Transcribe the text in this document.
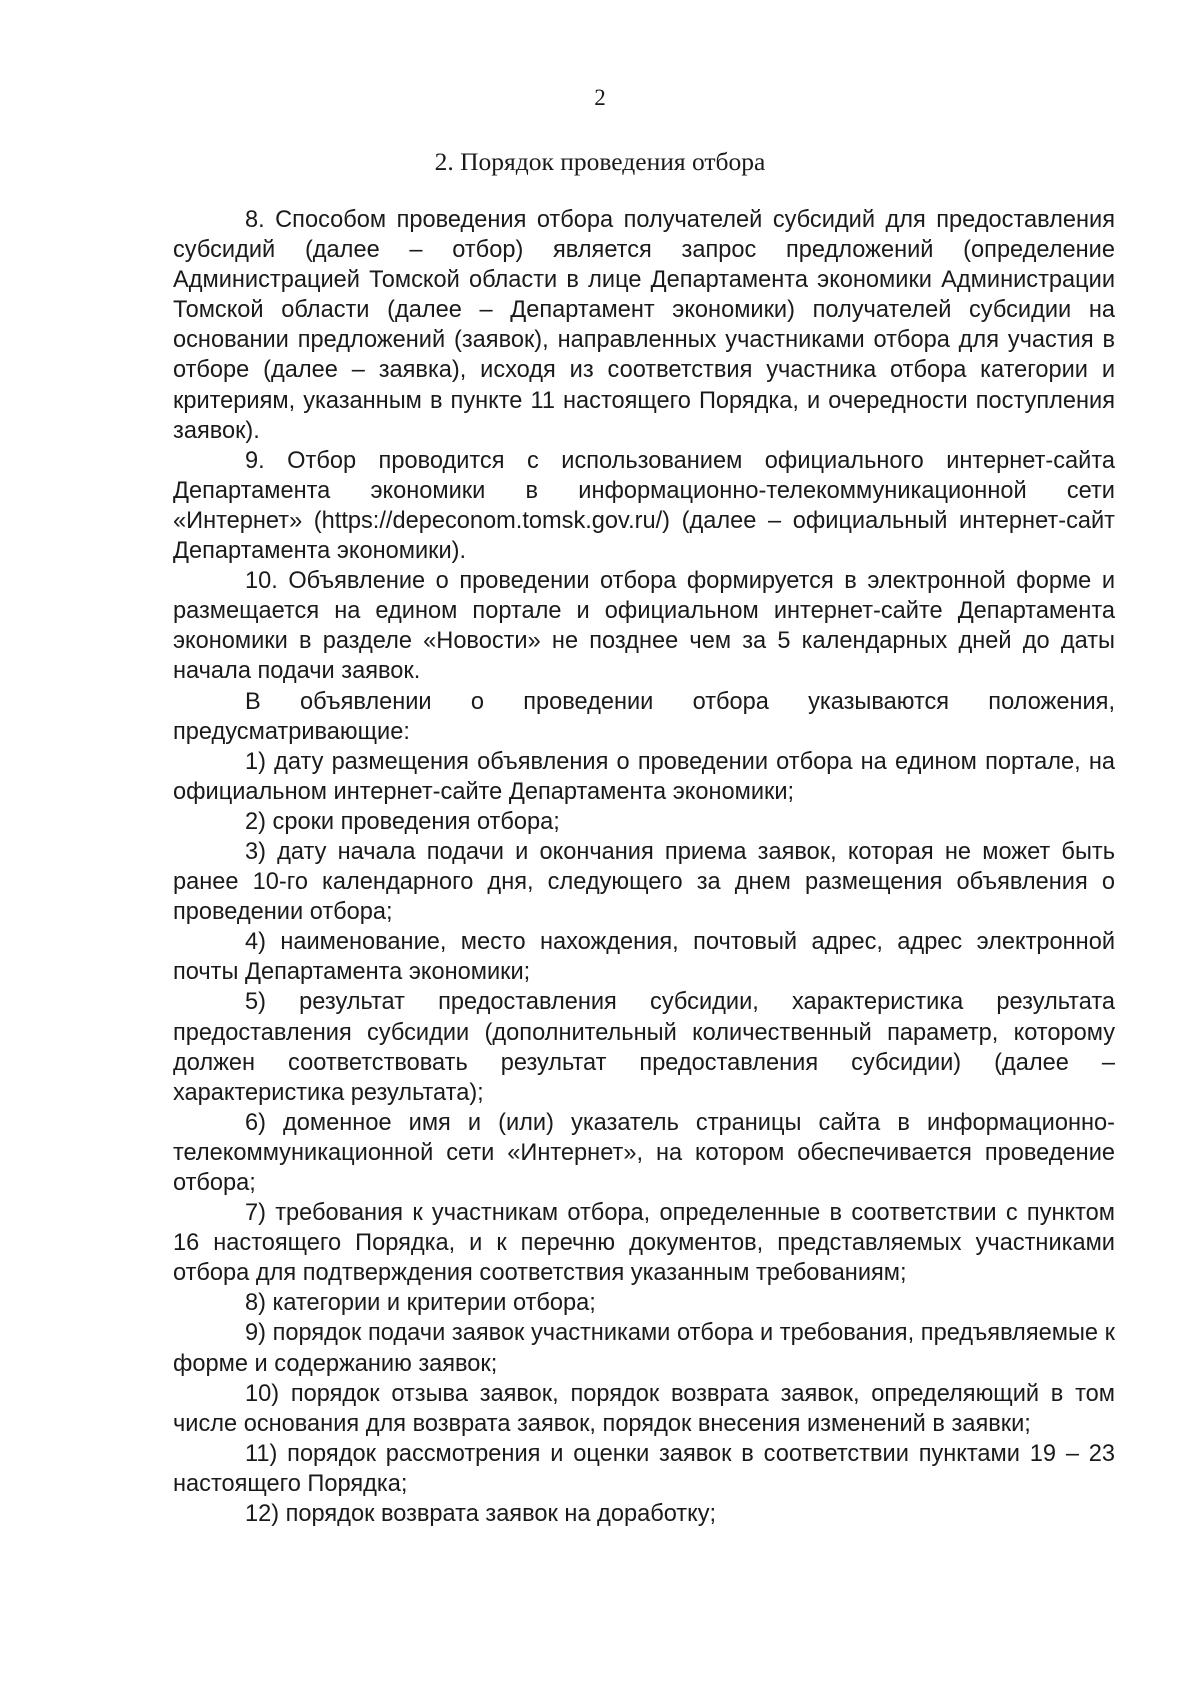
2
2. Порядок проведения отбора

8. Способом проведения отбора получателей субсидий для предоставления субсидий (далее – отбор) является запрос предложений (определение Администрацией Томской области в лице Департамента экономики Администрации Томской области (далее – Департамент экономики) получателей субсидии на основании предложений (заявок), направленных участниками отбора для участия в отборе (далее – заявка), исходя из соответствия участника отбора категории и критериям, указанным в пункте 11 настоящего Порядка, и очередности поступления заявок).

9. Отбор проводится с использованием официального интернет-сайта Департамента экономики в информационно-телекоммуникационной сети «Интернет» (https://depeconom.tomsk.gov.ru/) (далее – официальный интернет-сайт Департамента экономики).

10. Объявление о проведении отбора формируется в электронной форме и размещается на едином портале и официальном интернет-сайте Департамента экономики в разделе «Новости» не позднее чем за 5 календарных дней до даты начала подачи заявок.

В объявлении о проведении отбора указываются положения, предусматривающие:

1) дату размещения объявления о проведении отбора на едином портале, на официальном интернет-сайте Департамента экономики;

2) сроки проведения отбора;

3) дату начала подачи и окончания приема заявок, которая не может быть ранее 10-го календарного дня, следующего за днем размещения объявления о проведении отбора;

4) наименование, место нахождения, почтовый адрес, адрес электронной почты Департамента экономики;

5) результат предоставления субсидии, характеристика результата предоставления субсидии (дополнительный количественный параметр, которому должен соответствовать результат предоставления субсидии) (далее – характеристика результата);

6) доменное имя и (или) указатель страницы сайта в информационно-телекоммуникационной сети «Интернет», на котором обеспечивается проведение отбора;

7) требования к участникам отбора, определенные в соответствии с пунктом 16 настоящего Порядка, и к перечню документов, представляемых участниками отбора для подтверждения соответствия указанным требованиям;

8) категории и критерии отбора;

9) порядок подачи заявок участниками отбора и требования, предъявляемые к форме и содержанию заявок;

10) порядок отзыва заявок, порядок возврата заявок, определяющий в том числе основания для возврата заявок, порядок внесения изменений в заявки;

11) порядок рассмотрения и оценки заявок в соответствии пунктами 19 – 23 настоящего Порядка;

12) порядок возврата заявок на доработку;
